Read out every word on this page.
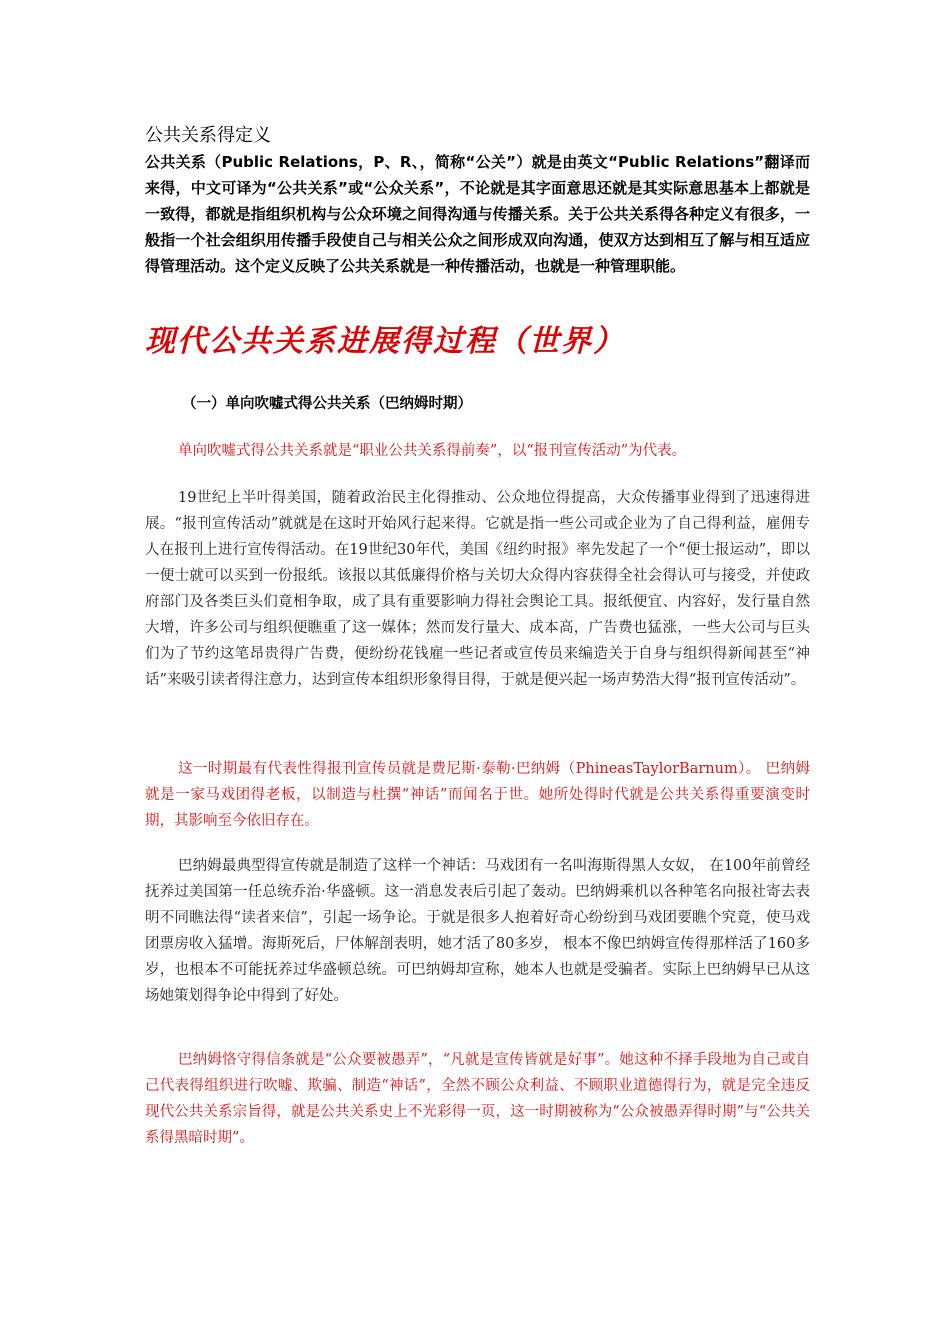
公共关系得定义
公共关系（Public Relations，P、R、，简称“公关”）就是由英文“Public Relations”翻译而来得，中文可译为“公共关系”或“公众关系”，不论就是其字面意思还就是其实际意思基本上都就是一致得，都就是指组织机构与公众环境之间得沟通与传播关系。关于公共关系得各种定义有很多，一般指一个社会组织用传播手段使自己与相关公众之间形成双向沟通，使双方达到相互了解与相互适应得管理活动。这个定义反映了公共关系就是一种传播活动，也就是一种管理职能。
现代公共关系进展得过程（世界）
（一）单向吹嘘式得公共关系（巴纳姆时期）
单向吹嘘式得公共关系就是“职业公共关系得前奏”，以“报刊宣传活动”为代表。
19世纪上半叶得美国，随着政治民主化得推动、公众地位得提高，大众传播事业得到了迅速得进展。“报刊宣传活动”就就是在这时开始风行起来得。它就是指一些公司或企业为了自己得利益，雇佣专人在报刊上进行宣传得活动。在19世纪30年代，美国《纽约时报》率先发起了一个“便士报运动”，即以一便士就可以买到一份报纸。该报以其低廉得价格与关切大众得内容获得全社会得认可与接受，并使政府部门及各类巨头们竟相争取，成了具有重要影响力得社会舆论工具。报纸便宜、内容好，发行量自然大增，许多公司与组织便瞧重了这一媒体；然而发行量大、成本高，广告费也猛涨，一些大公司与巨头们为了节约这笔昂贵得广告费，便纷纷花钱雇一些记者或宣传员来编造关于自身与组织得新闻甚至“神话”来吸引读者得注意力，达到宣传本组织形象得目得，于就是便兴起一场声势浩大得“报刊宣传活动”。
这一时期最有代表性得报刊宣传员就是费尼斯·泰勒·巴纳姆（PhineasTaylorBarnum）。 巴纳姆就是一家马戏团得老板，以制造与杜撰“神话”而闻名于世。她所处得时代就是公共关系得重要演变时期，其影响至今依旧存在。
巴纳姆最典型得宣传就是制造了这样一个神话：马戏团有一名叫海斯得黑人女奴， 在100年前曾经抚养过美国第一任总统乔治·华盛顿。这一消息发表后引起了轰动。巴纳姆乘机以各种笔名向报社寄去表明不同瞧法得“读者来信”，引起一场争论。于就是很多人抱着好奇心纷纷到马戏团要瞧个究竟，使马戏团票房收入猛增。海斯死后，尸体解剖表明，她才活了80多岁， 根本不像巴纳姆宣传得那样活了160多岁，也根本不可能抚养过华盛顿总统。可巴纳姆却宣称，她本人也就是受骗者。实际上巴纳姆早已从这场她策划得争论中得到了好处。
巴纳姆恪守得信条就是“公众要被愚弄”，“凡就是宣传皆就是好事”。她这种不择手段地为自己或自己代表得组织进行吹嘘、欺骗、制造“神话”，全然不顾公众利益、不顾职业道德得行为，就是完全违反现代公共关系宗旨得，就是公共关系史上不光彩得一页，这一时期被称为“公众被愚弄得时期”与“公共关系得黑暗时期”。
